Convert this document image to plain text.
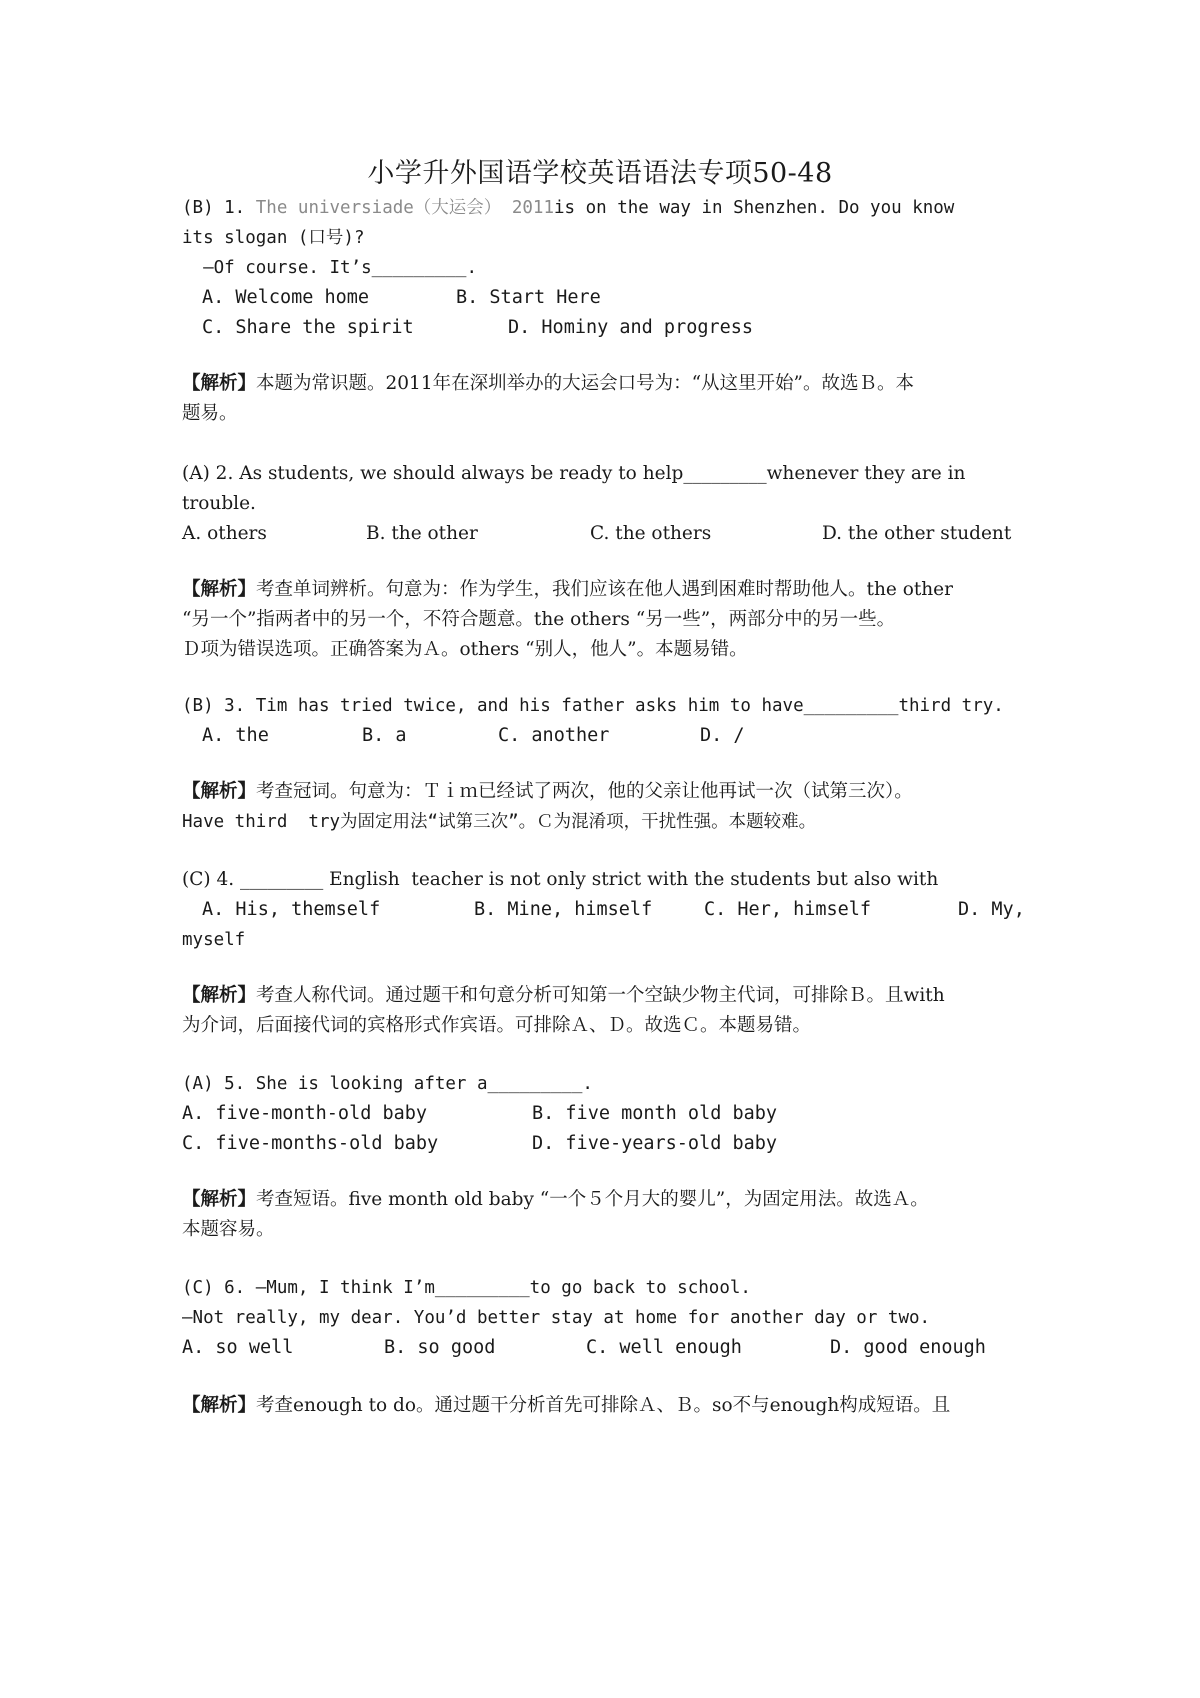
小学升外国语学校英语语法专项50-48
(B) 1. The universiade（大运会） 2011is on the way in Shenzhen. Do you know
its slogan (口号)?
—Of course. It’s_________.
A. Welcome home	B. Start Here
C. Share the spirit	D. Hominy and progress
【解析】本题为常识题。2011年在深圳举办的大运会口号为：“从这里开始”。故选Ｂ。本
题易。
(A) 2. As students, we should always be ready to help_________whenever they are in
trouble.
A. others	B. the other	C. the others	D. the other student
【解析】考查单词辨析。句意为：作为学生，我们应该在他人遇到困难时帮助他人。the other
“另一个”指两者中的另一个，不符合题意。the others “另一些”，两部分中的另一些。
Ｄ项为错误选项。正确答案为Ａ。others “别人，他人”。本题易错。
(B) 3. Tim has tried twice, and his father asks him to have_________third try.
A. the	B. a	C. another	D. /
【解析】考查冠词。句意为：Ｔｉｍ已经试了两次，他的父亲让他再试一次（试第三次）。
Have third  try为固定用法“试第三次”。Ｃ为混淆项，干扰性强。本题较难。
(C) 4. _________ English  teacher is not only strict with the students but also with
A. His, themself	B. Mine, himself	C. Her, himself	D. My,
myself
【解析】考查人称代词。通过题干和句意分析可知第一个空缺少物主代词，可排除Ｂ。且with
为介词，后面接代词的宾格形式作宾语。可排除Ａ、Ｄ。故选Ｃ。本题易错。
(A) 5. She is looking after a_________.
A. five-month-old baby	B. five month old baby
C. five-months-old baby	D. five-years-old baby
【解析】考查短语。five month old baby “一个５个月大的婴儿”，为固定用法。故选Ａ。
本题容易。
(C) 6. —Mum, I think I’m_________to go back to school.
—Not really, my dear. You’d better stay at home for another day or two.
A. so well	B. so good	C. well enough	D. good enough
【解析】考查enough to do。通过题干分析首先可排除Ａ、Ｂ。so不与enough构成短语。且
